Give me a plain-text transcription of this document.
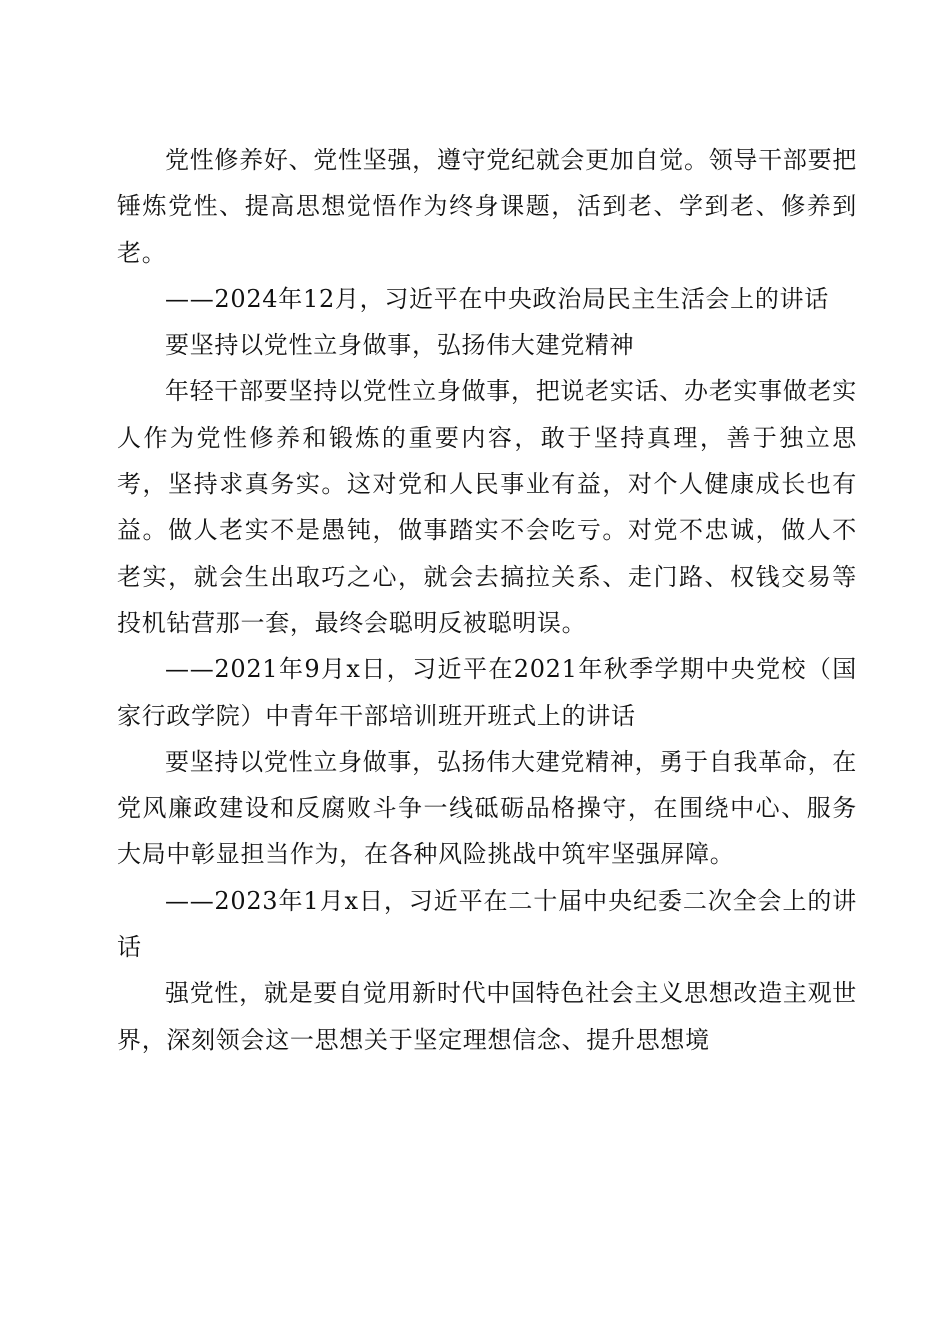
党性修养好、党性坚强，遵守党纪就会更加自觉。领导干部要把锤炼党性、提高思想觉悟作为终身课题，活到老、学到老、修养到老。

——2024年12月，习近平在中央政治局民主生活会上的讲话

要坚持以党性立身做事，弘扬伟大建党精神

年轻干部要坚持以党性立身做事，把说老实话、办老实事做老实人作为党性修养和锻炼的重要内容，敢于坚持真理，善于独立思考，坚持求真务实。这对党和人民事业有益，对个人健康成长也有益。做人老实不是愚钝，做事踏实不会吃亏。对党不忠诚，做人不老实，就会生出取巧之心，就会去搞拉关系、走门路、权钱交易等投机钻营那一套，最终会聪明反被聪明误。

——2021年9月x日，习近平在2021年秋季学期中央党校（国家行政学院）中青年干部培训班开班式上的讲话

要坚持以党性立身做事，弘扬伟大建党精神，勇于自我革命，在党风廉政建设和反腐败斗争一线砥砺品格操守，在围绕中心、服务大局中彰显担当作为，在各种风险挑战中筑牢坚强屏障。

——2023年1月x日，习近平在二十届中央纪委二次全会上的讲话

强党性，就是要自觉用新时代中国特色社会主义思想改造主观世界，深刻领会这一思想关于坚定理想信念、提升思想境
